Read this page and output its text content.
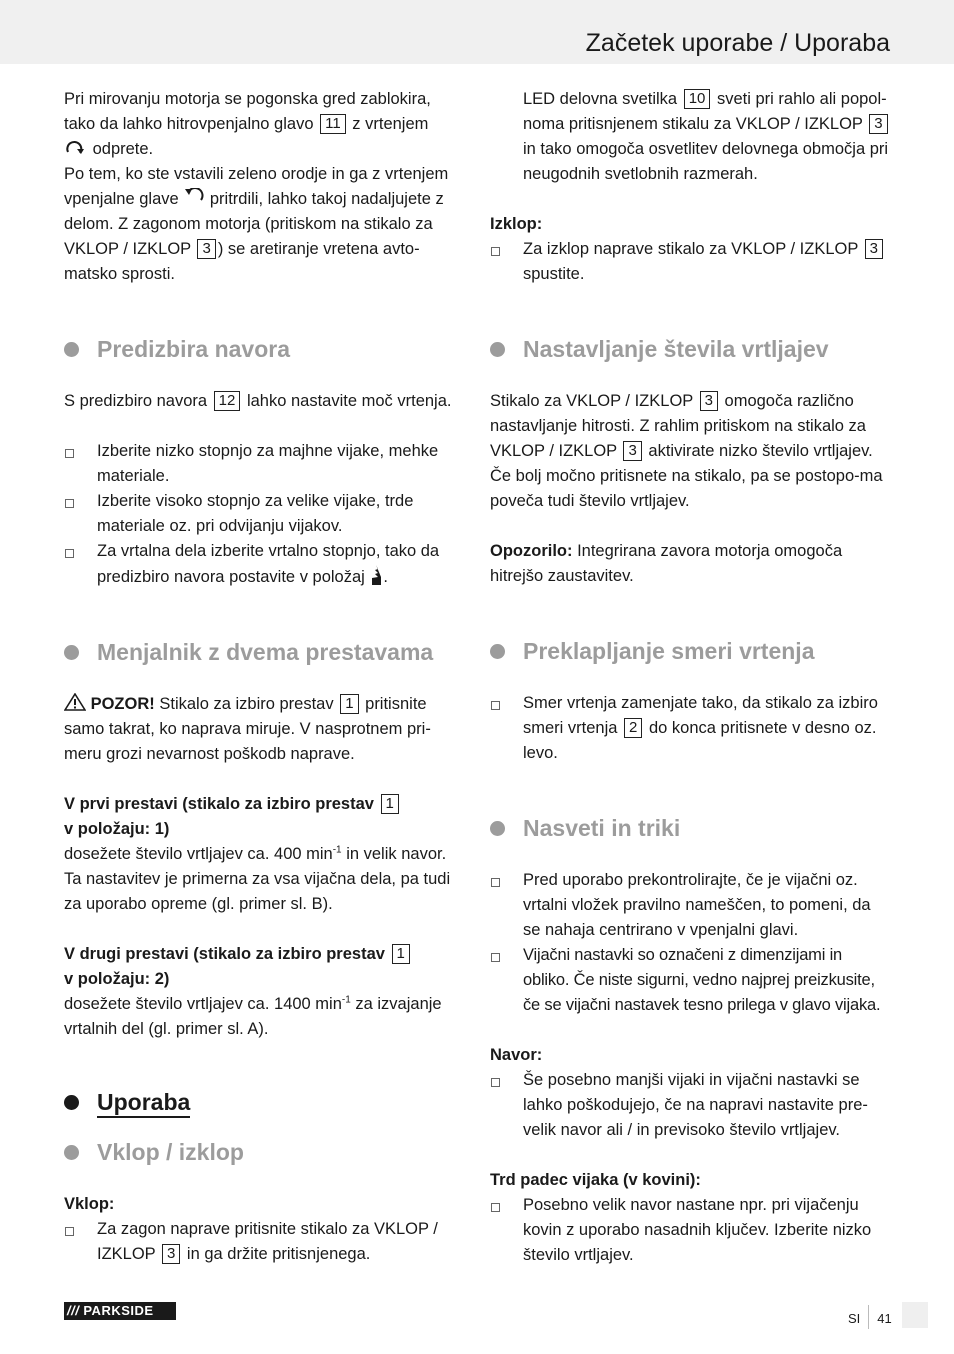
Začetek uporabe / Uporaba

Pri mirovanju motorja se pogonska gred zablokira, tako da lahko hitrovpenjalno glavo 11 z vrtenjem
odprete.

Po tem, ko ste vstavili zeleno orodje in ga z vrtenjem vpenjalne glave pritrdili, lahko takoj nadaljujete z delom. Z zagonom motorja (pritiskom na stikalo za VKLOP / IZKLOP 3 ) se aretiranje vretena avto-matsko sprosti.

Predizbira navora

S predizbiro navora 12 lahko nastavite moč vrtenja.

Izberite nizko stopnjo za majhne vijake, mehke materiale.
Izberite visoko stopnjo za velike vijake, trde materiale oz. pri odvijanju vijakov.
Za vrtalna dela izberite vrtalno stopnjo, tako da predizbiro navora postavite v položaj .
Menjalnik z dvema prestavama

POZOR! Stikalo za izbiro prestav 1 pritisnite samo takrat, ko naprava miruje. V nasprotnem pri-meru grozi nevarnost poškodb naprave.

V prvi prestavi (stikalo za izbiro prestav 1
v položaju: 1)

dosežete število vrtljajev ca. 400 $\min^{-1}$ in velik navor. Ta nastavitev je primerna za vsa vijačna dela, pa tudi za uporabo opreme (gl. primer sl. B).

V drugi prestavi (stikalo za izbiro prestav 1
v položaju: 2)

dosežete število vrtljajev ca. 1400 $\min^{-1}$ za izvajanje vrtalnih del (gl. primer sl. A).

Uporaba
Vklop / izklop

Vklop:

Za zagon naprave pritisnite stikalo za VKLOP / IZKLOP 3 in ga držite pritisnjenega.
LED delovna svetilka 10 sveti pri rahlo ali popol-noma pritisnjenem stikalu za VKLOP / IZKLOP 3 in tako omogoča osvetlitev delovnega območja pri neugodnih svetlobnih razmerah.

Izklop:

Za izklop naprave stikalo za VKLOP / IZKLOP 3 spustite.
Nastavljanje števila vrtljajev

Stikalo za VKLOP / IZKLOP 3 omogoča različno nastavljanje hitrosti. Z rahlim pritiskom na stikalo za VKLOP / IZKLOP 3 aktivirate nizko število vrtljajev. Če bolj močno pritisnete na stikalo, pa se postopo-ma poveča tudi število vrtljajev.

Opozorilo: Integrirana zavora motorja omogoča hitrejšo zaustavitev.

Preklapljanje smeri vrtenja
Smer vrtenja zamenjate tako, da stikalo za izbiro smeri vrtenja 2 do konca pritisnete v desno oz. levo.
Nasveti in triki
Pred uporabo prekontrolirajte, če je vijačni oz. vrtalni vložek pravilno nameščen, to pomeni, da se nahaja centrirano v vpenjalni glavi.
Vijačni nastavki so označeni z dimenzijami in obliko. Če niste sigurni, vedno najprej preizkusite, če se vijačni nastavek tesno prilega v glavo vijaka.

Navor:

Še posebno manjši vijaki in vijačni nastavki se lahko poškodujejo, če na napravi nastavite pre-velik navor ali / in previsoko število vrtljajev.

Trd padec vijaka (v kovini):

Posebno velik navor nastane npr. pri vijačenju kovin z uporabo nasadnih ključev. Izberite nizko število vrtljajev.
/// PARKSIDE
SI 41
